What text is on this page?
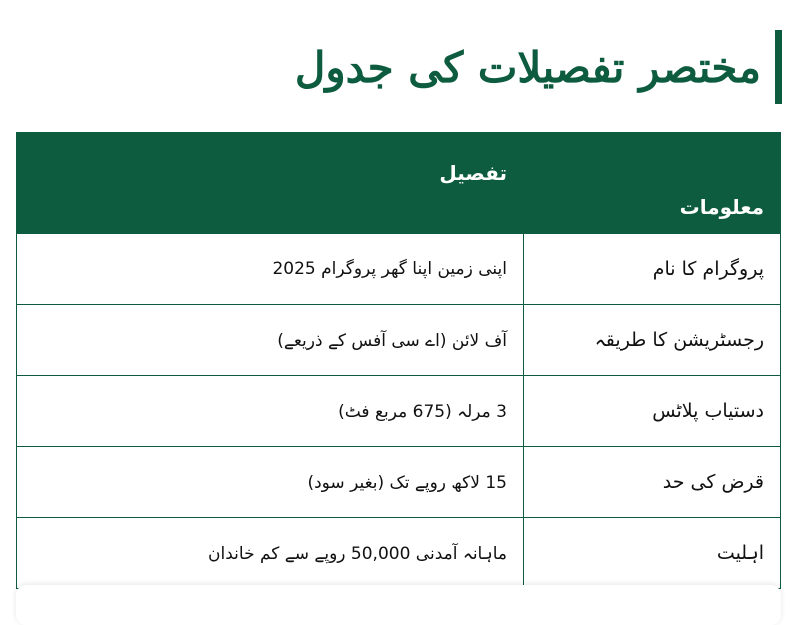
مختصر تفصیلات کی جدول
معلومات	تفصیل
پروگرام کا نام	اپنی زمین اپنا گھر پروگرام 2025
رجسٹریشن کا طریقہ	آف لائن (اے سی آفس کے ذریعے)
دستیاب پلاٹس	3 مرلہ (675 مربع فٹ)
قرض کی حد	15 لاکھ روپے تک (بغیر سود)
اہلیت	ماہانہ آمدنی 50,000 روپے سے کم خاندان
